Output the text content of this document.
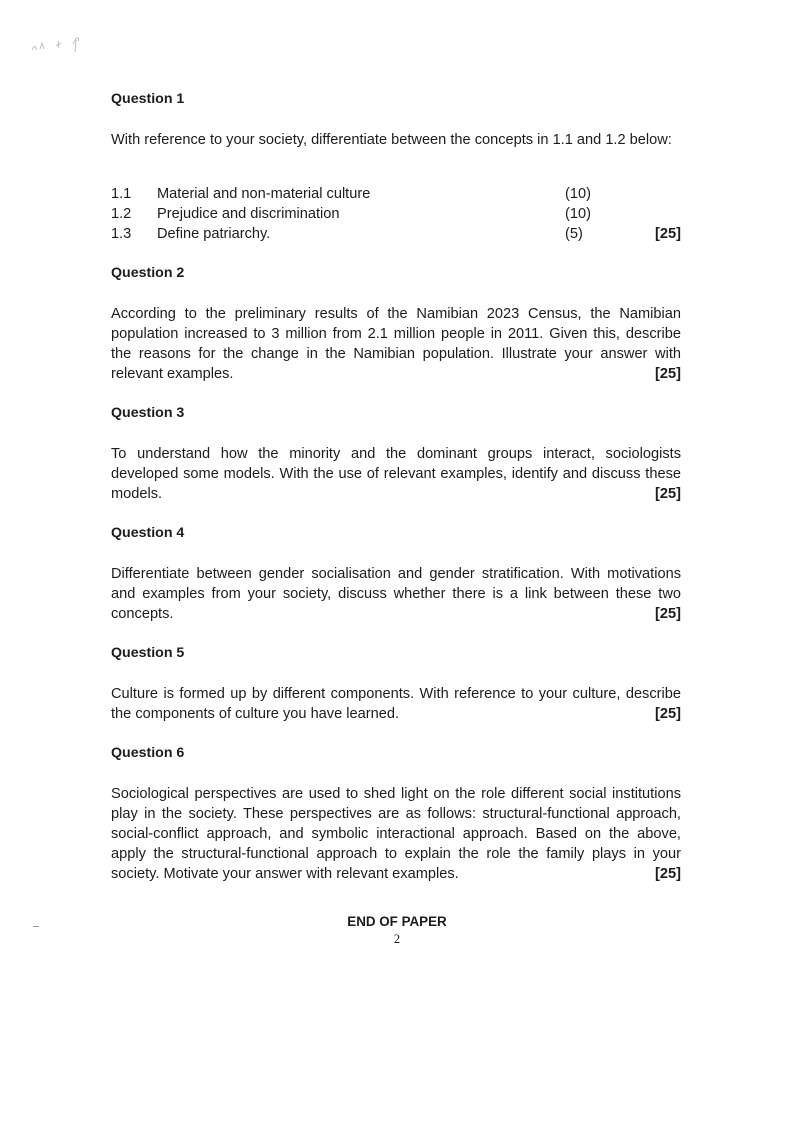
Question 1
With reference to your society, differentiate between the concepts in 1.1 and 1.2 below:
1.1 Material and non-material culture	(10)
1.2 Prejudice and discrimination	(10)
1.3 Define patriarchy.	(5)	[25]
Question 2
According to the preliminary results of the Namibian 2023 Census, the Namibian population increased to 3 million from 2.1 million people in 2011. Given this, describe the reasons for the change in the Namibian population. Illustrate your answer with relevant examples.	[25]
Question 3
To understand how the minority and the dominant groups interact, sociologists developed some models. With the use of relevant examples, identify and discuss these models.	[25]
Question 4
Differentiate between gender socialisation and gender stratification. With motivations and examples from your society, discuss whether there is a link between these two concepts.	[25]
Question 5
Culture is formed up by different components. With reference to your culture, describe the components of culture you have learned.	[25]
Question 6
Sociological perspectives are used to shed light on the role different social institutions play in the society. These perspectives are as follows: structural-functional approach, social-conflict approach, and symbolic interactional approach. Based on the above, apply the structural-functional approach to explain the role the family plays in your society. Motivate your answer with relevant examples.	[25]
END OF PAPER
2
